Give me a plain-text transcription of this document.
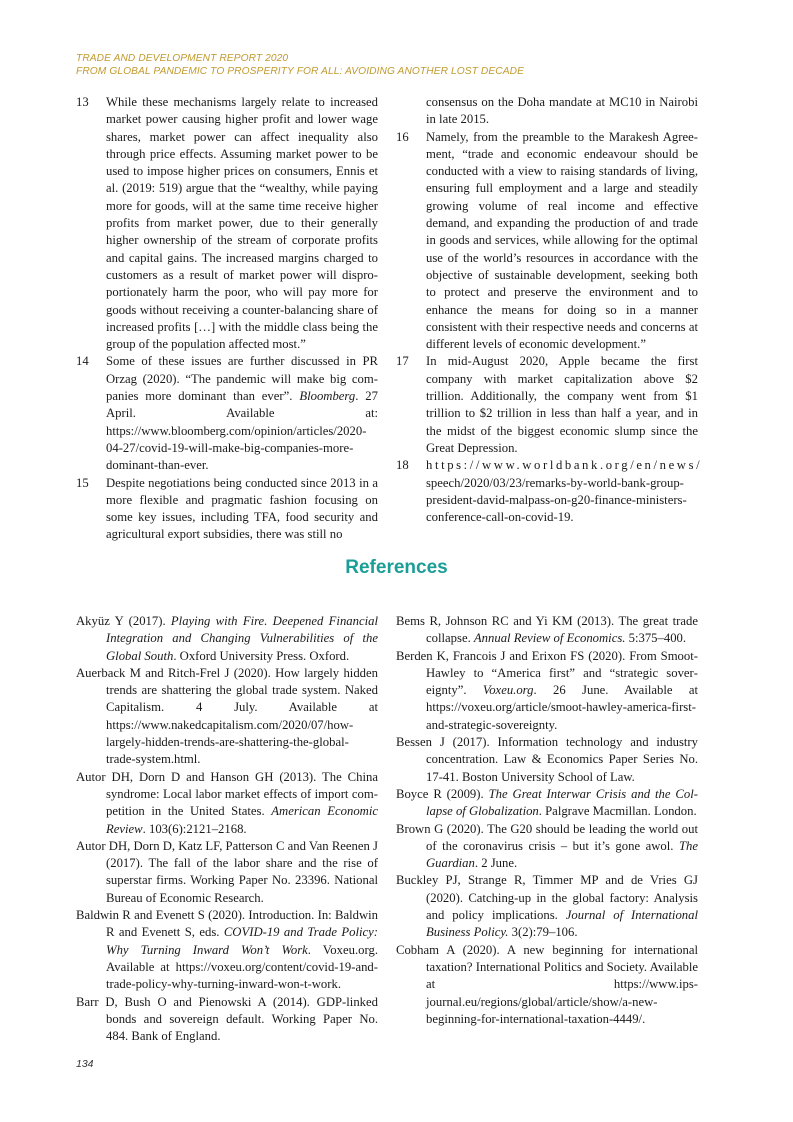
TRADE AND DEVELOPMENT REPORT 2020
FROM GLOBAL PANDEMIC TO PROSPERITY FOR ALL: AVOIDING ANOTHER LOST DECADE
13 While these mechanisms largely relate to increased market power causing higher profit and lower wage shares, market power can affect inequality also through price effects. Assuming market power to be used to impose higher prices on consumers, Ennis et al. (2019: 519) argue that the “wealthy, while paying more for goods, will at the same time receive higher profits from market power, due to their generally higher ownership of the stream of corporate profits and capital gains. The increased margins charged to customers as a result of market power will disproportionately harm the poor, who will pay more for goods without receiving a counter-balancing share of increased profits […] with the middle class being the group of the population affected most.”
14 Some of these issues are further discussed in PR Orzag (2020). “The pandemic will make big companies more dominant than ever”. Bloomberg. 27 April. Available at: https://www.bloomberg.com/opinion/articles/2020-04-27/covid-19-will-make-big-companies-more-dominant-than-ever.
15 Despite negotiations being conducted since 2013 in a more flexible and pragmatic fashion focusing on some key issues, including TFA, food security and agricultural export subsidies, there was still no
consensus on the Doha mandate at MC10 in Nairobi in late 2015.
16 Namely, from the preamble to the Marakesh Agreement, “trade and economic endeavour should be conducted with a view to raising standards of living, ensuring full employment and a large and steadily growing volume of real income and effective demand, and expanding the production of and trade in goods and services, while allowing for the optimal use of the world’s resources in accordance with the objective of sustainable development, seeking both to protect and preserve the environment and to enhance the means for doing so in a manner consistent with their respective needs and concerns at different levels of economic development.”
17 In mid-August 2020, Apple became the first company with market capitalization above $2 trillion. Additionally, the company went from $1 trillion to $2 trillion in less than half a year, and in the midst of the biggest economic slump since the Great Depression.
18 https://www.worldbank.org/en/news/ speech/2020/03/23/remarks-by-world-bank-group-president-david-malpass-on-g20-finance-ministers-conference-call-on-covid-19.
References

Akyüz Y (2017). Playing with Fire. Deepened Financial Integration and Changing Vulnerabilities of the Global South. Oxford University Press. Oxford.

Auerback M and Ritch-Frel J (2020). How largely hidden trends are shattering the global trade system. Naked Capitalism. 4 July. Available at https://www.nakedcapitalism.com/2020/07/how-largely-hidden-trends-are-shattering-the-global-trade-system.html.

Autor DH, Dorn D and Hanson GH (2013). The China syndrome: Local labor market effects of import competition in the United States. American Economic Review. 103(6):2121–2168.

Autor DH, Dorn D, Katz LF, Patterson C and Van Reenen J (2017). The fall of the labor share and the rise of superstar firms. Working Paper No. 23396. National Bureau of Economic Research.

Baldwin R and Evenett S (2020). Introduction. In: Baldwin R and Evenett S, eds. COVID-19 and Trade Policy: Why Turning Inward Won’t Work. Voxeu.org. Available at https://voxeu.org/content/covid-19-and-trade-policy-why-turning-inward-won-t-work.

Barr D, Bush O and Pienowski A (2014). GDP-linked bonds and sovereign default. Working Paper No. 484. Bank of England.

Bems R, Johnson RC and Yi KM (2013). The great trade collapse. Annual Review of Economics. 5:375–400.

Berden K, Francois J and Erixon FS (2020). From Smoot-Hawley to “America first” and “strategic sovereignty”. Voxeu.org. 26 June. Available at https://voxeu.org/article/smoot-hawley-america-first-and-strategic-sovereignty.

Bessen J (2017). Information technology and industry concentration. Law & Economics Paper Series No. 17-41. Boston University School of Law.

Boyce R (2009). The Great Interwar Crisis and the Collapse of Globalization. Palgrave Macmillan. London.

Brown G (2020). The G20 should be leading the world out of the coronavirus crisis – but it’s gone awol. The Guardian. 2 June.

Buckley PJ, Strange R, Timmer MP and de Vries GJ (2020). Catching-up in the global factory: Analysis and policy implications. Journal of International Business Policy. 3(2):79–106.

Cobham A (2020). A new beginning for international taxation? International Politics and Society. Available at https://www.ips-journal.eu/regions/global/article/show/a-new-beginning-for-international-taxation-4449/.

134
